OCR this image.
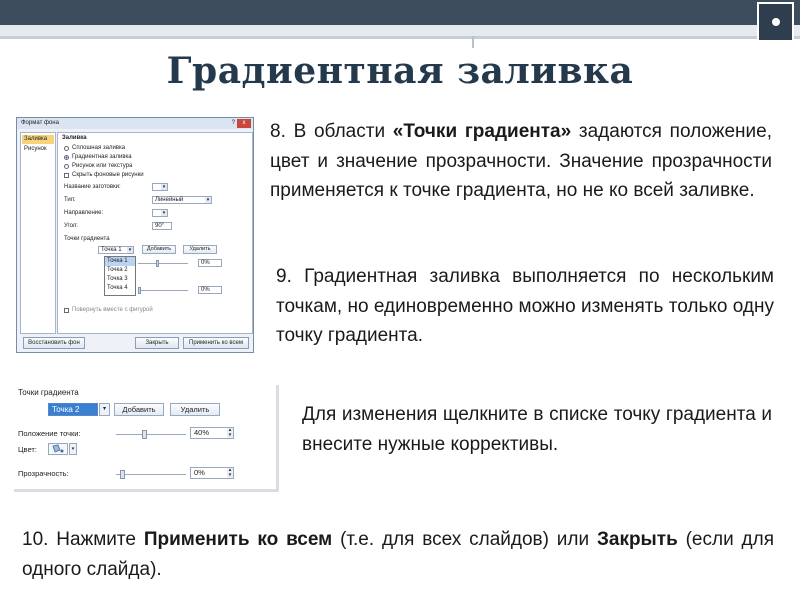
Градиентная заливка
Формат фона	?	x
Заливка
Рисунок
Заливка
Сплошная заливка
Градиентная заливка
Рисунок или текстура
Скрыть фоновые рисунки
Название заготовки:	▾
Тип:	Линейный	▾
Направление:	▾
Угол:	90°
Точки градиента
Точка 1	▾	Добавить	Удалить
0%
0%
Повернуть вместе с фигурой
Точка 1
Точка 2
Точка 3
Точка 4
Восстановить фон	Закрыть	Применить ко всем
8. В области «Точки градиента» задаются положение, цвет и значение прозрачности. Значение прозрачности применяется к точке градиента, но не ко всей заливке.
9. Градиентная заливка выполняется по нескольким точкам, но единовременно можно изменять только одну точку градиента.
Точки градиента
Точка 2	▾	Добавить	Удалить
Положение точки:	40%	▴
▾
Цвет:	▾
Прозрачность:	0%	▴
▾
Для изменения щелкните в списке точку градиента и внесите нужные коррективы.
10. Нажмите Применить ко всем (т.е. для всех слайдов) или Закрыть (если для одного слайда).
